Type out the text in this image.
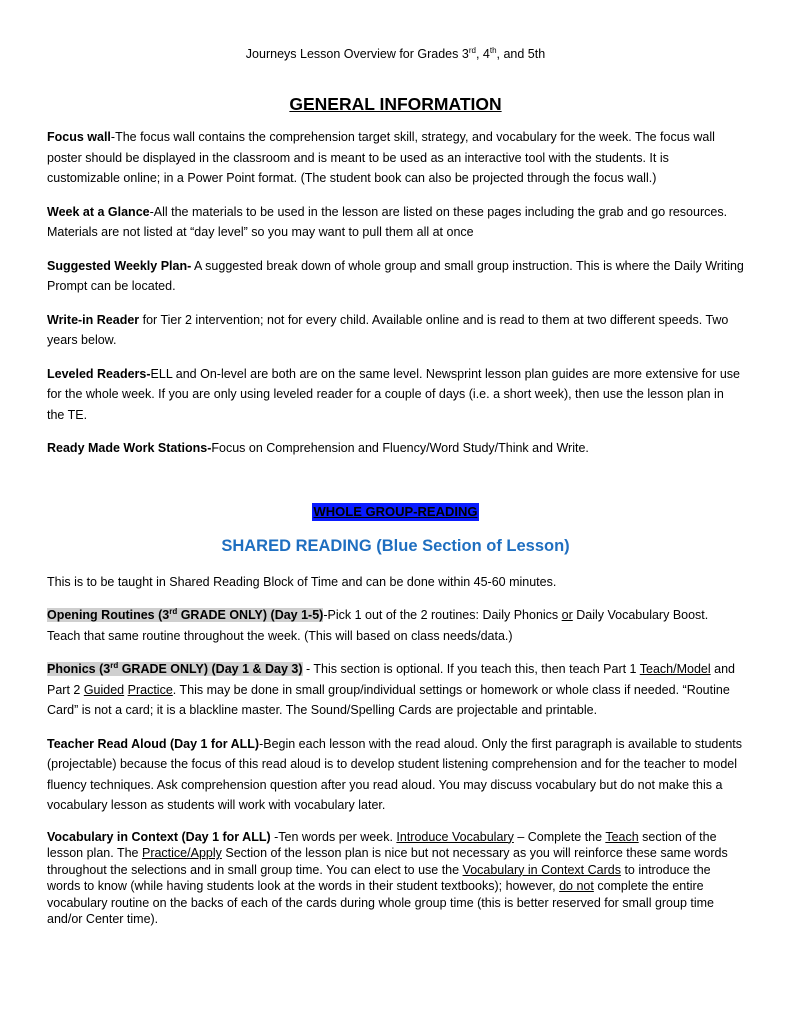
Journeys Lesson Overview for Grades 3rd, 4th, and 5th
GENERAL INFORMATION

Focus wall-The focus wall contains the comprehension target skill, strategy, and vocabulary for the week. The focus wall poster should be displayed in the classroom and is meant to be used as an interactive tool with the students. It is customizable online; in a Power Point format. (The student book can also be projected through the focus wall.)

Week at a Glance-All the materials to be used in the lesson are listed on these pages including the grab and go resources. Materials are not listed at “day level” so you may want to pull them all at once

Suggested Weekly Plan- A suggested break down of whole group and small group instruction. This is where the Daily Writing Prompt can be located.

Write-in Reader for Tier 2 intervention; not for every child. Available online and is read to them at two different speeds. Two years below.

Leveled Readers-ELL and On-level are both are on the same level. Newsprint lesson plan guides are more extensive for use for the whole week. If you are only using leveled reader for a couple of days (i.e. a short week), then use the lesson plan in the TE.

Ready Made Work Stations-Focus on Comprehension and Fluency/Word Study/Think and Write.

WHOLE GROUP-READING
SHARED READING (Blue Section of Lesson)

This is to be taught in Shared Reading Block of Time and can be done within 45-60 minutes.

Opening Routines (3rd GRADE ONLY) (Day 1-5)-Pick 1 out of the 2 routines: Daily Phonics or Daily Vocabulary Boost. Teach that same routine throughout the week. (This will based on class needs/data.)

Phonics (3rd GRADE ONLY) (Day 1 & Day 3) - This section is optional. If you teach this, then teach Part 1 Teach/Model and Part 2 Guided Practice. This may be done in small group/individual settings or homework or whole class if needed. “Routine Card” is not a card; it is a blackline master. The Sound/Spelling Cards are projectable and printable.

Teacher Read Aloud (Day 1 for ALL)-Begin each lesson with the read aloud. Only the first paragraph is available to students (projectable) because the focus of this read aloud is to develop student listening comprehension and for the teacher to model fluency techniques. Ask comprehension question after you read aloud. You may discuss vocabulary but do not make this a vocabulary lesson as students will work with vocabulary later.

Vocabulary in Context (Day 1 for ALL) -Ten words per week. Introduce Vocabulary – Complete the Teach section of the lesson plan. The Practice/Apply Section of the lesson plan is nice but not necessary as you will reinforce these same words throughout the selections and in small group time. You can elect to use the Vocabulary in Context Cards to introduce the words to know (while having students look at the words in their student textbooks); however, do not complete the entire vocabulary routine on the backs of each of the cards during whole group time (this is better reserved for small group time and/or Center time).
